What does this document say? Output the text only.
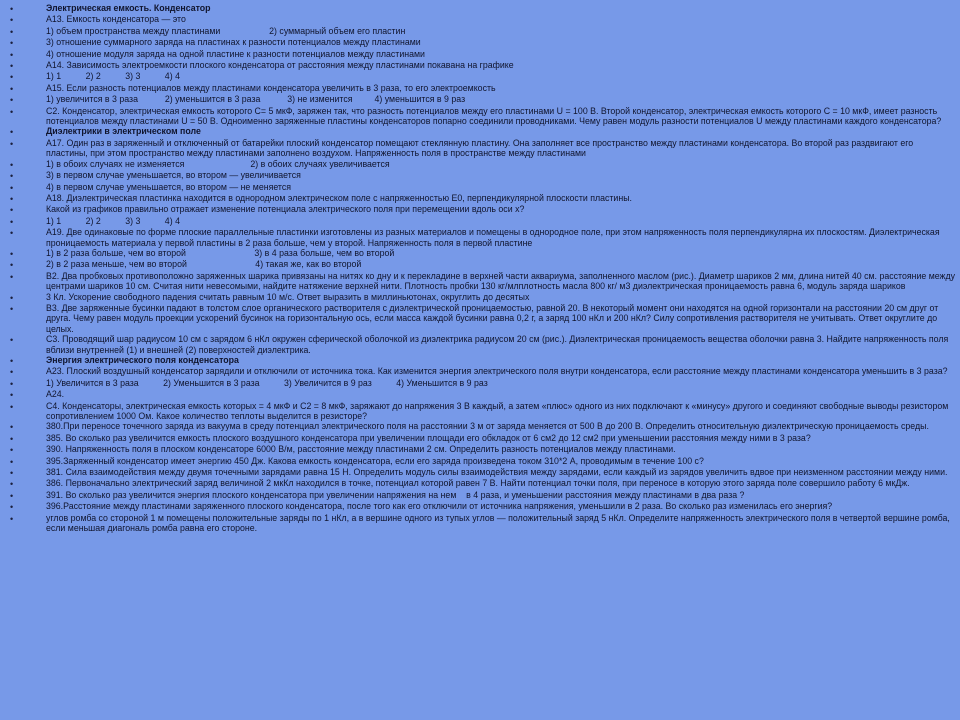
•	Электрическая емкость. Конденсатор
•	А13. Емкость конденсатора — это
•	1) объем пространства между пластинами                    2) суммарный объем его пластин
•	3) отношение суммарного заряда на пластинах к разности потенциалов между пластинами
•	4) отношение модуля заряда на одной пластине к разности потенциалов между пластинами
•	А14. Зависимость электроемкости плоского конденсатора от расстояния между пластинами покавана на графике
•	1) 1          2) 2          3) 3          4) 4
•	А15. Если разность потенциалов между пластинами конденсатора увеличить в 3 раза, то его электроемкость
•	1) увеличится в 3 раза           2) уменьшится в 3 раза           3) не изменится         4) уменьшится в 9 раз
•	С2. Конденсатор, электрическая емкость которого С= 5 мкФ, заряжен так, что разность потенциалов между его пластинами U = 100 В. Второй конденсатор, электрическая емкость которого С = 10 мкФ, имеет разность потенциалов между пластинами U = 50 В. Одноименно заряженные пластины конденсаторов попарно соединили проводниками. Чему равен модуль разности потенциалов U между пластинами каждого конденсатора?
•	Диэлектрики в электрическом поле
•	А17. Один раз в заряженный и отключенный от батарейки плоский конденсатор помещают стеклянную пластину. Она заполняет все пространство между пластинами конденсатора. Во второй раз раздвигают его пластины, при этом пространство между пластинами заполнено воздухом. Напряженность поля в пространстве между пластинами
•	1) в обоих случаях не изменяется                           2) в обоих случаях увеличивается
•	3) в первом случае уменьшается, во втором — увеличивается
•	4) в первом случае уменьшается, во втором — не меняется
•	А18. Диэлектрическая пластинка находится в однородном электрическом поле с напряженностью Е0, перпендикулярной плоскости пластины.
•	Какой из графиков правильно отражает изменение потенциала электрического поля при перемещении вдоль оси х?
•	1) 1          2) 2          3) 3          4) 4
•	А19. Две одинаковые по форме плоские параллельные пластинки изготовлены из разных материалов и помещены в однородное поле, при этом напряженность поля перпендикулярна их плоскостям. Диэлектрическая проницаемость материала у первой пластины в 2 раза больше, чем у второй. Напряженность поля в первой пластине
•	1) в 2 раза больше, чем во второй                            3) в 4 раза больше, чем во второй
•	2) в 2 раза меньше, чем во второй                            4) такая же, как во второй
•	В2. Два пробковых противоположно заряженных шарика привязаны на нитях ко дну и к перекладине в верхней части аквариума, заполненного маслом (рис.). Диаметр шариков 2 мм, длина нитей 40 см. расстояние между центрами шариков 10 см. Считая нити невесомыми, найдите натяжение верхней нити. Плотность пробки 130 кг/млплотность масла 800 кг/ м3 диэлектрическая проницаемость равна 6, модуль заряда шариков
•	3 Кл. Ускорение свободного падения считать равным 10 м/с. Ответ выразить в миллиньютонах, округлить до десятых
•	В3. Две заряженные бусинки падают в толстом слое органического растворителя с диэлектрической проницаемостью, равной 20. В некоторый момент они находятся на одной горизонтали на расстоянии 20 см друг от друга. Чему равен модуль проекции ускорений бусинок на горизонтальную ось, если масса каждой бусинки равна 0,2 г, а заряд 100 нКл и 200 нКл? Силу сопротивления растворителя не учитывать. Ответ округлите до целых.
•	С3. Проводящий шар радиусом 10 см с зарядом 6 нКл окружен сферической оболочкой из диэлектрика радиусом 20 см (рис.). Диэлектрическая проницаемость вещества оболочки равна 3. Найдите напряженность поля вблизи внутренней (1) и внешней (2) поверхностей диэлектрика.
•	Энергия электрического поля конденсатора
•	А23. Плоский воздушный конденсатор зарядили и отключили от источника тока. Как изменится энергия электрического поля внутри конденсатора, если расстояние между пластинами конденсатора уменьшить в 3 раза?
•	1) Увеличится в 3 раза          2) Уменьшится в 3 раза          3) Увеличится в 9 раз          4) Уменьшится в 9 раз
•	А24.
•	С4. Конденсаторы, электрическая емкость которых = 4 мкФ и С2 = 8 мкФ, заряжают до напряжения 3 В каждый, а затем «плюс» одного из них подключают к «минусу» другого и соединяют свободные выводы резистором сопротивлением 1000 Ом. Какое количество теплоты выделится в резисторе?
•	380.При переносе точечного заряда из вакуума в среду потенциал электрического поля на расстоянии 3 м от заряда меняется от 500 В до 200 В. Определить относительную диэлектрическую проницаемость среды.
•	385. Во сколько раз увеличится емкость плоского воздушного конденсатора при увеличении площади его обкладок от 6 см2 до 12 см2 при уменьшении расстояния между ними в 3 раза?
•	390. Напряженность поля в плоском конденсаторе 6000 В/м, расстояние между пластинами 2 см. Определить разность потенциалов между пластинами.
•	395.Заряженный конденсатор имеет энергию 450 Дж. Какова емкость конденсатора, если его заряда произведена током 310*2 А, проводимым в течение 100 с?
•	381. Сила взаимодействия между двумя точечными зарядами равна 15 Н. Определить модуль силы взаимодействия между зарядами, если каждый из зарядов увеличить вдвое при неизменном расстоянии между ними.
•	386. Первоначально электрический заряд величиной 2 мкКл находился в точке, потенциал которой равен 7 В. Найти потенциал точки поля, при переносе в которую этого заряда поле совершило работу 6 мкДж.
•	391. Во сколько раз увеличится энергия плоского конденсатора при увеличении напряжения на нем    в 4 раза, и уменьшении расстояния между пластинами в два раза ?
•	396.Расстояние между пластинами заряженного плоского конденсатора, после того как его отключили от источника напряжения, уменьшили в 2 раза. Во сколько раз изменилась его энергия?
•	углов ромба со стороной 1 м помещены положительные заряды по 1 нКл, а в вершине одного из тупых углов — положительный заряд 5 нКл. Определите напряженность электрического поля в четвертой вершине ромба, если меньшая диагональ ромба равна его стороне.
